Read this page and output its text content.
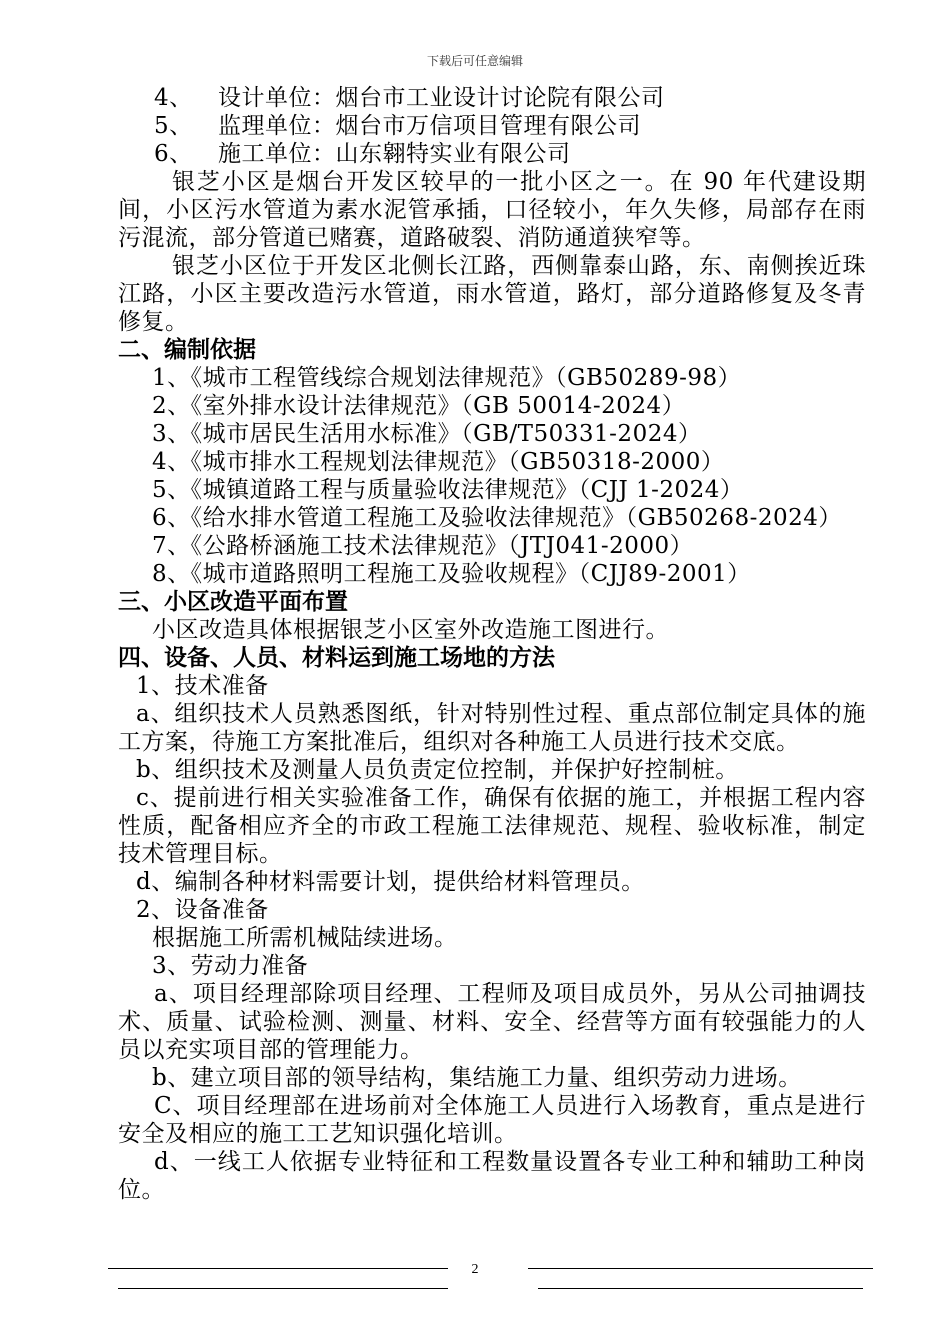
下载后可任意编辑
4、 设计单位：烟台市工业设计讨论院有限公司
5、 监理单位：烟台市万信项目管理有限公司
6、 施工单位：山东翱特实业有限公司
银芝小区是烟台开发区较早的一批小区之一。在 90 年代建设期间，小区污水管道为素水泥管承插，口径较小，年久失修，局部存在雨污混流，部分管道已赌赛，道路破裂、消防通道狭窄等。
银芝小区位于开发区北侧长江路，西侧靠泰山路，东、南侧挨近珠江路，小区主要改造污水管道，雨水管道，路灯，部分道路修复及冬青修复。
二、编制依据
1、《城市工程管线综合规划法律规范》（GB50289-98）
2、《室外排水设计法律规范》（GB 50014-2024）
3、《城市居民生活用水标准》（GB/T50331-2024）
4、《城市排水工程规划法律规范》（GB50318-2000）
5、《城镇道路工程与质量验收法律规范》（CJJ 1-2024）
6、《给水排水管道工程施工及验收法律规范》（GB50268-2024）
7、《公路桥涵施工技术法律规范》（JTJ041-2000）
8、《城市道路照明工程施工及验收规程》（CJJ89-2001）
三、小区改造平面布置
小区改造具体根据银芝小区室外改造施工图进行。
四、设备、人员、材料运到施工场地的方法
1、技术准备
a、组织技术人员熟悉图纸，针对特别性过程、重点部位制定具体的施工方案，待施工方案批准后，组织对各种施工人员进行技术交底。
b、组织技术及测量人员负责定位控制，并保护好控制桩。
c、提前进行相关实验准备工作，确保有依据的施工，并根据工程内容性质，配备相应齐全的市政工程施工法律规范、规程、验收标准，制定技术管理目标。
d、编制各种材料需要计划，提供给材料管理员。
2、设备准备
根据施工所需机械陆续进场。
3、劳动力准备
a、项目经理部除项目经理、工程师及项目成员外，另从公司抽调技术、质量、试验检测、测量、材料、安全、经营等方面有较强能力的人员以充实项目部的管理能力。
b、建立项目部的领导结构，集结施工力量、组织劳动力进场。
C、项目经理部在进场前对全体施工人员进行入场教育，重点是进行安全及相应的施工工艺知识强化培训。
d、一线工人依据专业特征和工程数量设置各专业工种和辅助工种岗位。
2
